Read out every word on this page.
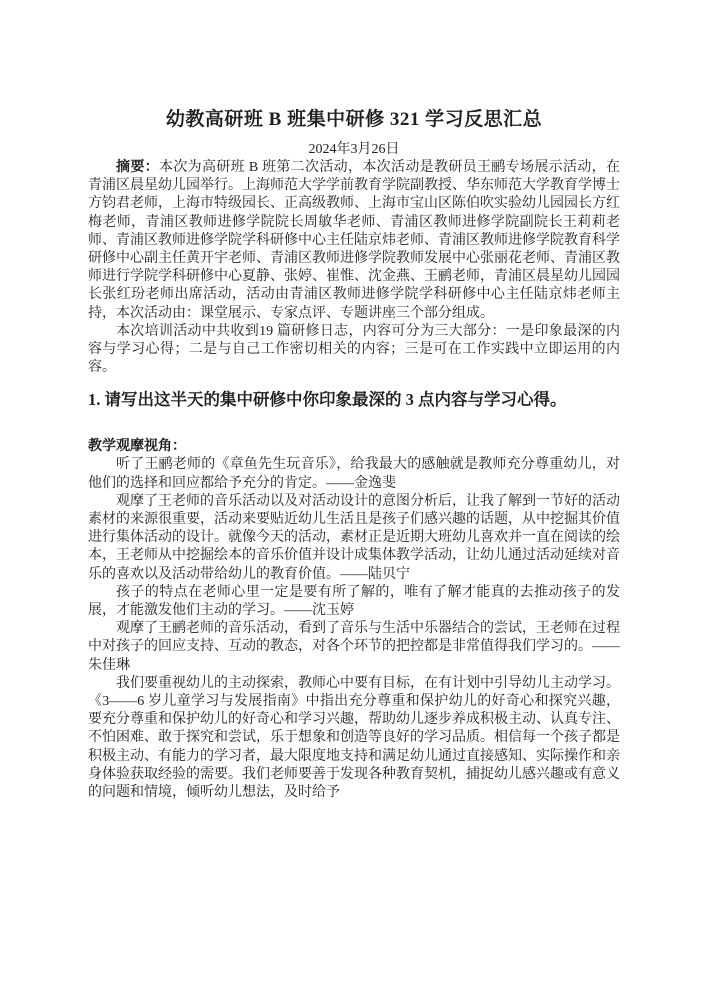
幼教高研班 B 班集中研修 321 学习反思汇总
2024年3月26日

摘要：本次为高研班 B 班第二次活动，本次活动是教研员王鹂专场展示活动，在青浦区晨星幼儿园举行。上海师范大学学前教育学院副教授、华东师范大学教育学博士方钧君老师，上海市特级园长、正高级教师、上海市宝山区陈伯吹实验幼儿园园长方红梅老师，青浦区教师进修学院院长周敏华老师、青浦区教师进修学院副院长王莉莉老师、青浦区教师进修学院学科研修中心主任陆京炜老师、青浦区教师进修学院教育科学研修中心副主任黄开宇老师、青浦区教师进修学院教师发展中心张丽花老师、青浦区教师进行学院学科研修中心夏静、张婷、崔惟、沈金燕、王鹂老师，青浦区晨星幼儿园园长张红玢老师出席活动，活动由青浦区教师进修学院学科研修中心主任陆京炜老师主持，本次活动由：课堂展示、专家点评、专题讲座三个部分组成。

本次培训活动中共收到19 篇研修日志，内容可分为三大部分：一是印象最深的内 容与学习心得；二是与自己工作密切相关的内容；三是可在工作实践中立即运用的内容。

1. 请写出这半天的集中研修中你印象最深的 3 点内容与学习心得。
教学观摩视角：

听了王鹂老师的《章鱼先生玩音乐》，给我最大的感触就是教师充分尊重幼儿，对他们的选择和回应都给予充分的肯定。——金逸斐

观摩了王老师的音乐活动以及对活动设计的意图分析后，让我了解到一节好的活动素材的来源很重要，活动来要贴近幼儿生活且是孩子们感兴趣的话题，从中挖掘其价值进行集体活动的设计。就像今天的活动，素材正是近期大班幼儿喜欢并一直在阅读的绘本，王老师从中挖掘绘本的音乐价值并设计成集体教学活动，让幼儿通过活动延续对音乐的喜欢以及活动带给幼儿的教育价值。——陆贝宁

孩子的特点在老师心里一定是要有所了解的，唯有了解才能真的去推动孩子的发展，才能激发他们主动的学习。——沈玉婷

观摩了王鹂老师的音乐活动，看到了音乐与生活中乐器结合的尝试，王老师在过程中对孩子的回应支持、互动的教态，对各个环节的把控都是非常值得我们学习的。——朱佳琳

我们要重视幼儿的主动探索，教师心中要有目标，在有计划中引导幼儿主动学习。《3——6 岁儿童学习与发展指南》中指出充分尊重和保护幼儿的好奇心和探究兴趣，要充分尊重和保护幼儿的好奇心和学习兴趣，帮助幼儿逐步养成积极主动、认真专注、不怕困难、敢于探究和尝试，乐于想象和创造等良好的学习品质。相信每一个孩子都是积极主动、有能力的学习者，最大限度地支持和满足幼儿通过直接感知、实际操作和亲身体验获取经验的需要。我们老师要善于发现各种教育契机，捕捉幼儿感兴趣或有意义的问题和情境，倾听幼儿想法，及时给予
